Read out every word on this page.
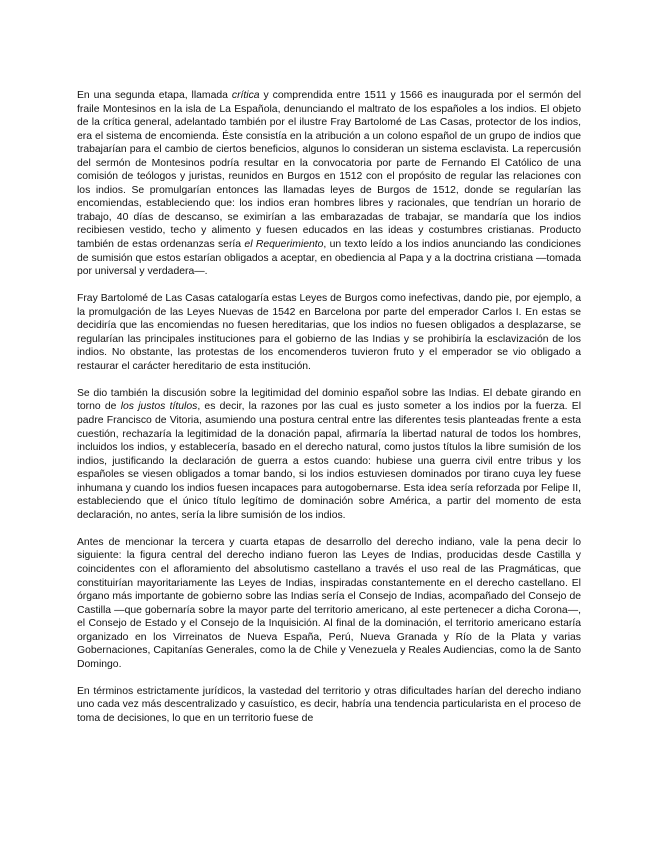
En una segunda etapa, llamada crítica y comprendida entre 1511 y 1566 es inaugurada por el sermón del fraile Montesinos en la isla de La Española, denunciando el maltrato de los españoles a los indios. El objeto de la crítica general, adelantado también por el ilustre Fray Bartolomé de Las Casas, protector de los indios, era el sistema de encomienda. Éste consistía en la atribución a un colono español de un grupo de indios que trabajarían para el cambio de ciertos beneficios, algunos lo consideran un sistema esclavista. La repercusión del sermón de Montesinos podría resultar en la convocatoria por parte de Fernando El Católico de una comisión de teólogos y juristas, reunidos en Burgos en 1512 con el propósito de regular las relaciones con los indios. Se promulgarían entonces las llamadas leyes de Burgos de 1512, donde se regularían las encomiendas, estableciendo que: los indios eran hombres libres y racionales, que tendrían un horario de trabajo, 40 días de descanso, se eximirían a las embarazadas de trabajar, se mandaría que los indios recibiesen vestido, techo y alimento y fuesen educados en las ideas y costumbres cristianas. Producto también de estas ordenanzas sería el Requerimiento, un texto leído a los indios anunciando las condiciones de sumisión que estos estarían obligados a aceptar, en obediencia al Papa y a la doctrina cristiana —tomada por universal y verdadera—.

Fray Bartolomé de Las Casas catalogaría estas Leyes de Burgos como inefectivas, dando pie, por ejemplo, a la promulgación de las Leyes Nuevas de 1542 en Barcelona por parte del emperador Carlos I. En estas se decidiría que las encomiendas no fuesen hereditarias, que los indios no fuesen obligados a desplazarse, se regularían las principales instituciones para el gobierno de las Indias y se prohibiría la esclavización de los indios. No obstante, las protestas de los encomenderos tuvieron fruto y el emperador se vio obligado a restaurar el carácter hereditario de esta institución.

Se dio también la discusión sobre la legitimidad del dominio español sobre las Indias. El debate girando en torno de los justos títulos, es decir, la razones por las cual es justo someter a los indios por la fuerza. El padre Francisco de Vitoria, asumiendo una postura central entre las diferentes tesis planteadas frente a esta cuestión, rechazaría la legitimidad de la donación papal, afirmaría la libertad natural de todos los hombres, incluidos los indios, y establecería, basado en el derecho natural, como justos títulos la libre sumisión de los indios, justificando la declaración de guerra a estos cuando: hubiese una guerra civil entre tribus y los españoles se viesen obligados a tomar bando, si los indios estuviesen dominados por tirano cuya ley fuese inhumana y cuando los indios fuesen incapaces para autogobernarse. Esta idea sería reforzada por Felipe II, estableciendo que el único título legítimo de dominación sobre América, a partir del momento de esta declaración, no antes, sería la libre sumisión de los indios.

Antes de mencionar la tercera y cuarta etapas de desarrollo del derecho indiano, vale la pena decir lo siguiente: la figura central del derecho indiano fueron las Leyes de Indias, producidas desde Castilla y coincidentes con el afloramiento del absolutismo castellano a través el uso real de las Pragmáticas, que constituirían mayoritariamente las Leyes de Indias, inspiradas constantemente en el derecho castellano. El órgano más importante de gobierno sobre las Indias sería el Consejo de Indias, acompañado del Consejo de Castilla —que gobernaría sobre la mayor parte del territorio americano, al este pertenecer a dicha Corona—, el Consejo de Estado y el Consejo de la Inquisición. Al final de la dominación, el territorio americano estaría organizado en los Virreinatos de Nueva España, Perú, Nueva Granada y Río de la Plata y varias Gobernaciones, Capitanías Generales, como la de Chile y Venezuela y Reales Audiencias, como la de Santo Domingo.

En términos estrictamente jurídicos, la vastedad del territorio y otras dificultades harían del derecho indiano uno cada vez más descentralizado y casuístico, es decir, habría una tendencia particularista en el proceso de toma de decisiones, lo que en un territorio fuese de
